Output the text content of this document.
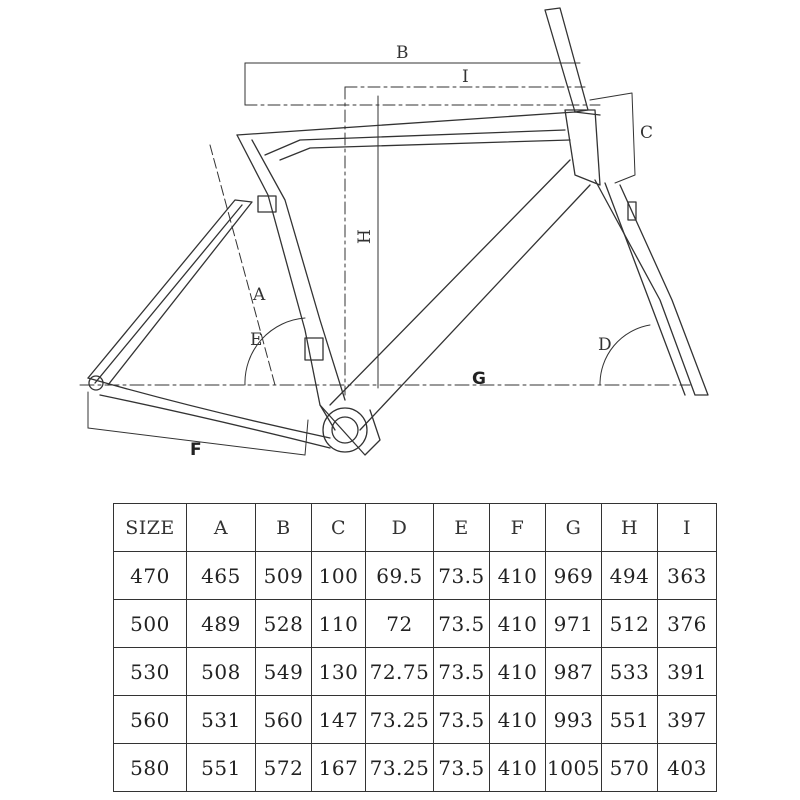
B
I
C
H
A
E	D
G
F
SIZE	A	B	C	D	E	F	G	H	I
470	465	509	100	69.5	73.5	410	969	494	363
500	489	528	110	72	73.5	410	971	512	376
530	508	549	130	72.75	73.5	410	987	533	391
560	531	560	147	73.25	73.5	410	993	551	397
580	551	572	167	73.25	73.5	410	1005	570	403
